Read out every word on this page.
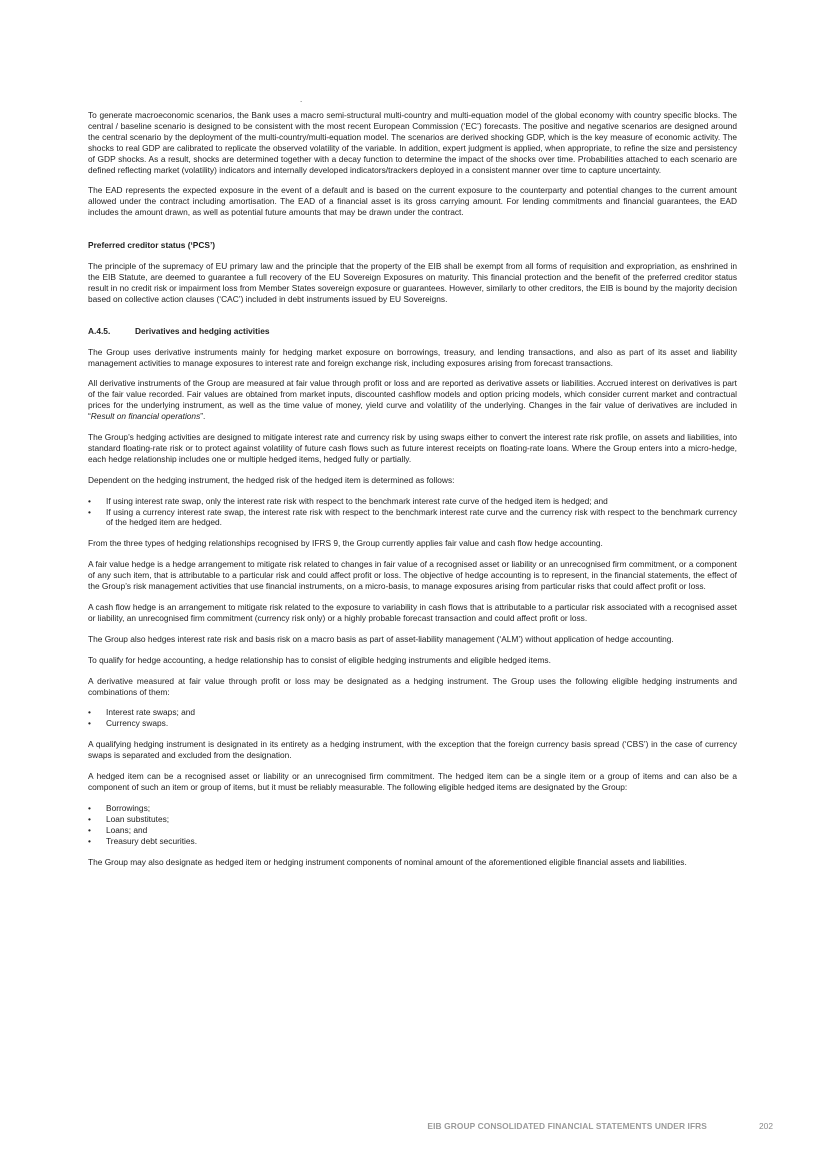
.

To generate macroeconomic scenarios, the Bank uses a macro semi-structural multi-country and multi-equation model of the global economy with country specific blocks. The central / baseline scenario is designed to be consistent with the most recent European Commission (‘EC’) forecasts. The positive and negative scenarios are designed around the central scenario by the deployment of the multi-country/multi-equation model. The scenarios are derived shocking GDP, which is the key measure of economic activity. The shocks to real GDP are calibrated to replicate the observed volatility of the variable. In addition, expert judgment is applied, when appropriate, to refine the size and persistency of GDP shocks. As a result, shocks are determined together with a decay function to determine the impact of the shocks over time. Probabilities attached to each scenario are defined reflecting market (volatility) indicators and internally developed indicators/trackers deployed in a consistent manner over time to capture uncertainty.

The EAD represents the expected exposure in the event of a default and is based on the current exposure to the counterparty and potential changes to the current amount allowed under the contract including amortisation. The EAD of a financial asset is its gross carrying amount. For lending commitments and financial guarantees, the EAD includes the amount drawn, as well as potential future amounts that may be drawn under the contract.

Preferred creditor status (‘PCS’)

The principle of the supremacy of EU primary law and the principle that the property of the EIB shall be exempt from all forms of requisition and expropriation, as enshrined in the EIB Statute, are deemed to guarantee a full recovery of the EU Sovereign Exposures on maturity. This financial protection and the benefit of the preferred creditor status result in no credit risk or impairment loss from Member States sovereign exposure or guarantees. However, similarly to other creditors, the EIB is bound by the majority decision based on collective action clauses (‘CAC’) included in debt instruments issued by EU Sovereigns.

A.4.5.	Derivatives and hedging activities

The Group uses derivative instruments mainly for hedging market exposure on borrowings, treasury, and lending transactions, and also as part of its asset and liability management activities to manage exposures to interest rate and foreign exchange risk, including exposures arising from forecast transactions.

All derivative instruments of the Group are measured at fair value through profit or loss and are reported as derivative assets or liabilities. Accrued interest on derivatives is part of the fair value recorded. Fair values are obtained from market inputs, discounted cashflow models and option pricing models, which consider current market and contractual prices for the underlying instrument, as well as the time value of money, yield curve and volatility of the underlying. Changes in the fair value of derivatives are included in “Result on financial operations”.

The Group’s hedging activities are designed to mitigate interest rate and currency risk by using swaps either to convert the interest rate risk profile, on assets and liabilities, into standard floating-rate risk or to protect against volatility of future cash flows such as future interest receipts on floating-rate loans. Where the Group enters into a micro-hedge, each hedge relationship includes one or multiple hedged items, hedged fully or partially.

Dependent on the hedging instrument, the hedged risk of the hedged item is determined as follows:

• If using interest rate swap, only the interest rate risk with respect to the benchmark interest rate curve of the hedged item is hedged; and
• If using a currency interest rate swap, the interest rate risk with respect to the benchmark interest rate curve and the currency risk with respect to the benchmark currency of the hedged item are hedged.

From the three types of hedging relationships recognised by IFRS 9, the Group currently applies fair value and cash flow hedge accounting.

A fair value hedge is a hedge arrangement to mitigate risk related to changes in fair value of a recognised asset or liability or an unrecognised firm commitment, or a component of any such item, that is attributable to a particular risk and could affect profit or loss. The objective of hedge accounting is to represent, in the financial statements, the effect of the Group’s risk management activities that use financial instruments, on a micro-basis, to manage exposures arising from particular risks that could affect profit or loss.

A cash flow hedge is an arrangement to mitigate risk related to the exposure to variability in cash flows that is attributable to a particular risk associated with a recognised asset or liability, an unrecognised firm commitment (currency risk only) or a highly probable forecast transaction and could affect profit or loss.

The Group also hedges interest rate risk and basis risk on a macro basis as part of asset-liability management (‘ALM’) without application of hedge accounting.

To qualify for hedge accounting, a hedge relationship has to consist of eligible hedging instruments and eligible hedged items.

A derivative measured at fair value through profit or loss may be designated as a hedging instrument. The Group uses the following eligible hedging instruments and combinations of them:

• Interest rate swaps; and
• Currency swaps.

A qualifying hedging instrument is designated in its entirety as a hedging instrument, with the exception that the foreign currency basis spread (‘CBS’) in the case of currency swaps is separated and excluded from the designation.

A hedged item can be a recognised asset or liability or an unrecognised firm commitment. The hedged item can be a single item or a group of items and can also be a component of such an item or group of items, but it must be reliably measurable. The following eligible hedged items are designated by the Group:

• Borrowings;
• Loan substitutes;
• Loans; and
• Treasury debt securities.

The Group may also designate as hedged item or hedging instrument components of nominal amount of the aforementioned eligible financial assets and liabilities.

EIB GROUP CONSOLIDATED FINANCIAL STATEMENTS UNDER IFRS	202
